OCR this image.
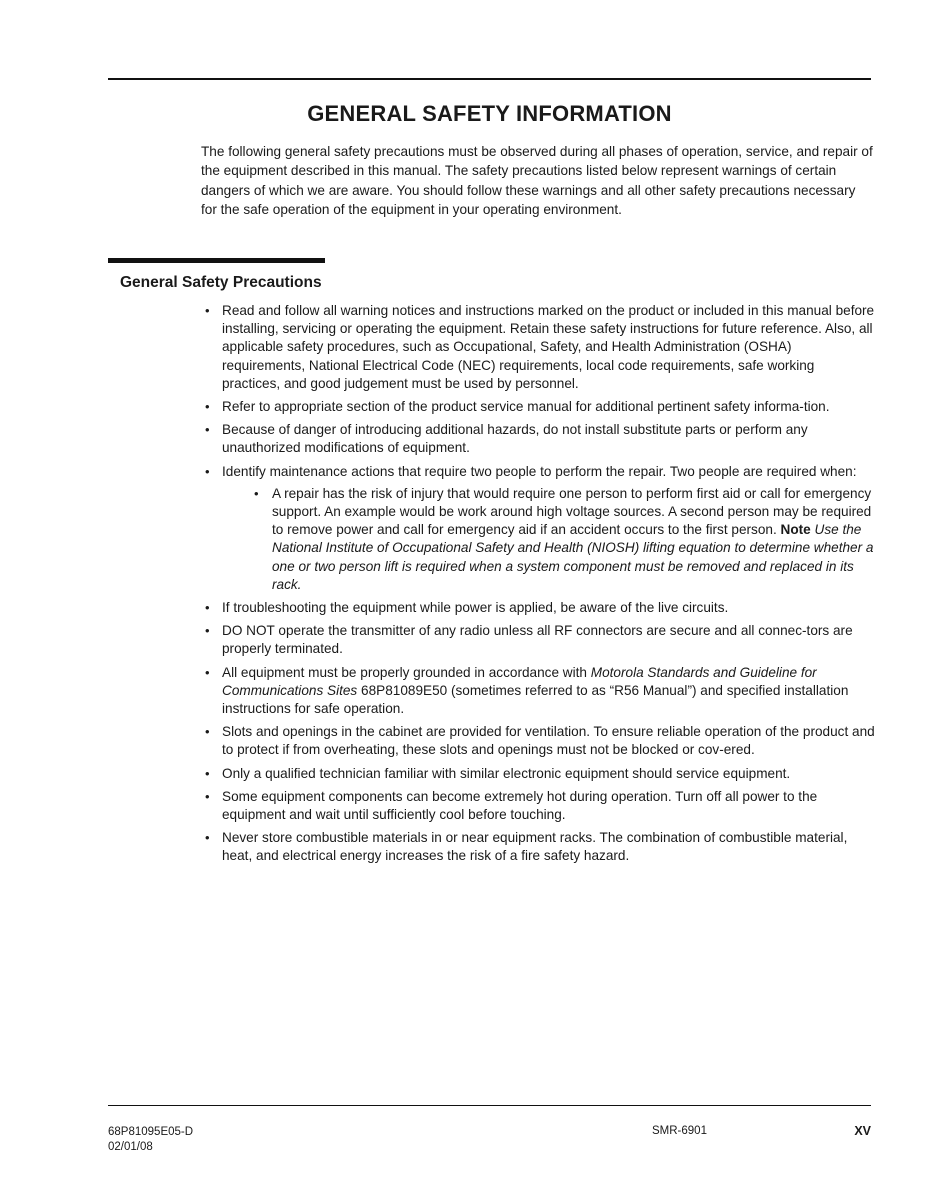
GENERAL SAFETY INFORMATION

The following general safety precautions must be observed during all phases of operation, service, and repair of the equipment described in this manual. The safety precautions listed below represent warnings of certain dangers of which we are aware. You should follow these warnings and all other safety precautions necessary for the safe operation of the equipment in your operating environment.

General Safety Precautions
• Read and follow all warning notices and instructions marked on the product or included in this manual before installing, servicing or operating the equipment. Retain these safety instructions for future reference. Also, all applicable safety procedures, such as Occupational, Safety, and Health Administration (OSHA) requirements, National Electrical Code (NEC) requirements, local code requirements, safe working practices, and good judgement must be used by personnel.
• Refer to appropriate section of the product service manual for additional pertinent safety informa-tion.
• Because of danger of introducing additional hazards, do not install substitute parts or perform any unauthorized modifications of equipment.
• Identify maintenance actions that require two people to perform the repair. Two people are required when:
• A repair has the risk of injury that would require one person to perform first aid or call for emergency support. An example would be work around high voltage sources. A second person may be required to remove power and call for emergency aid if an accident occurs to the first person. Note Use the National Institute of Occupational Safety and Health (NIOSH) lifting equation to determine whether a one or two person lift is required when a system component must be removed and replaced in its rack.
• If troubleshooting the equipment while power is applied, be aware of the live circuits.
• DO NOT operate the transmitter of any radio unless all RF connectors are secure and all connec-tors are properly terminated.
• All equipment must be properly grounded in accordance with Motorola Standards and Guideline for Communications Sites 68P81089E50 (sometimes referred to as “R56 Manual”) and specified installation instructions for safe operation.
• Slots and openings in the cabinet are provided for ventilation. To ensure reliable operation of the product and to protect if from overheating, these slots and openings must not be blocked or cov-ered.
• Only a qualified technician familiar with similar electronic equipment should service equipment.
• Some equipment components can become extremely hot during operation. Turn off all power to the equipment and wait until sufficiently cool before touching.
• Never store combustible materials in or near equipment racks. The combination of combustible material, heat, and electrical energy increases the risk of a fire safety hazard.
68P81095E05-D
02/01/08
SMR-6901	XV
